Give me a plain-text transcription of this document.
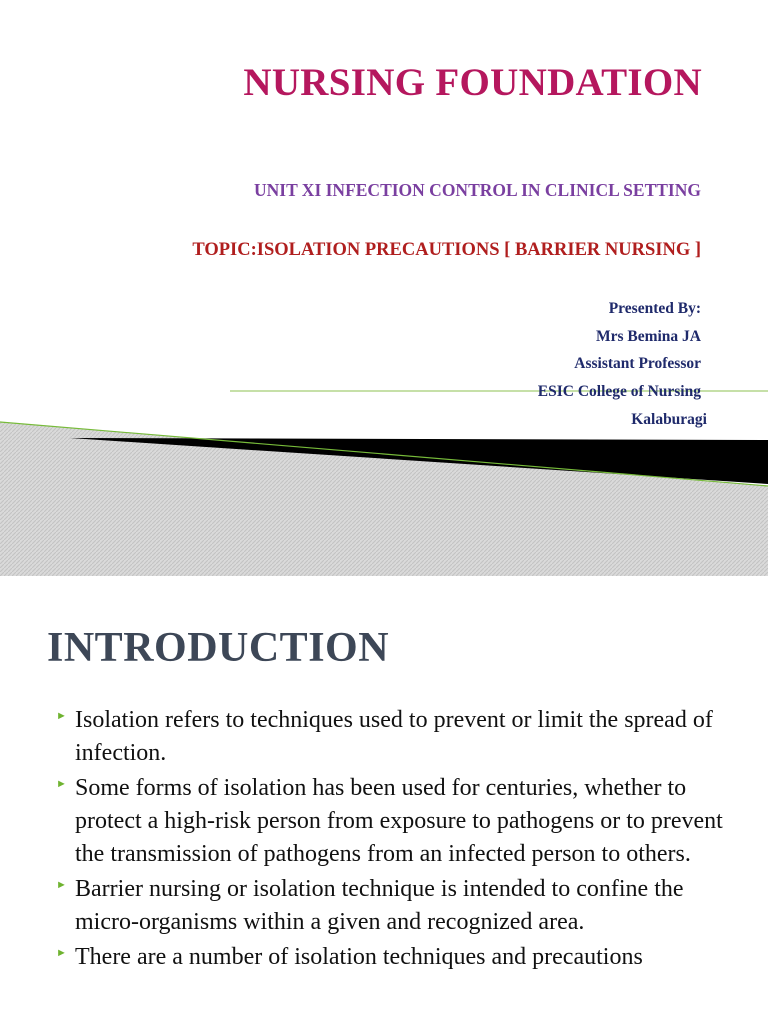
NURSING FOUNDATION
UNIT XI INFECTION CONTROL IN CLINICL SETTING
TOPIC:ISOLATION PRECAUTIONS [ BARRIER NURSING ]
Presented By:
Mrs Bemina JA
Assistant Professor
ESIC College of Nursing
Kalaburagi
INTRODUCTION
► Isolation refers to techniques used to prevent or limit the spread of infection.
► Some forms of isolation has been used for centuries, whether to protect a high-risk person from exposure to pathogens or to prevent the transmission of pathogens from an infected person to others.
► Barrier nursing or isolation technique is intended to confine the micro-organisms within a given and recognized area.
► There are a number of isolation techniques and precautions
